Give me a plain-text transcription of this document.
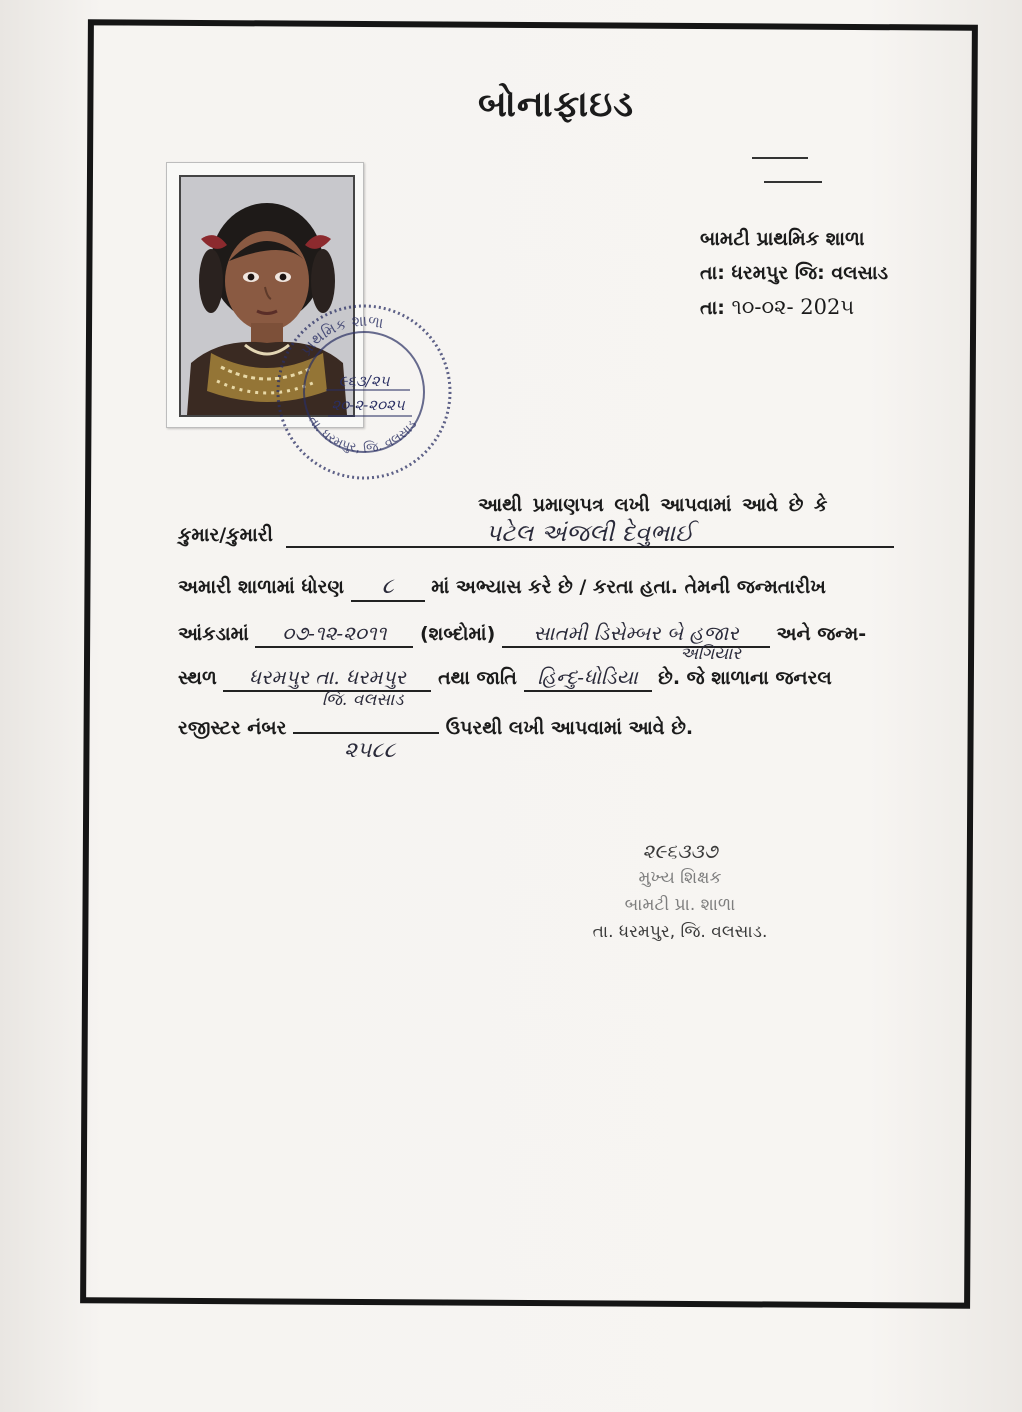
બોનાફાઇડ
બામટી પ્રાથમિક શાળા
તા: ધરમપુર જિ: વલસાડ
તા: ૧૦-૦૨- 202૫
પ્રાથમિક શાળા
તા. ધરમપુર, જિ. વલસાડ
૯૬૩/૨૫
૨૦-૨-૨૦૨૫
આથી પ્રમાણપત્ર લખી આપવામાં આવે છે કે
કુમાર/કુમારી	પટેલ અંજલી દેવુભાઈ
અમારી શાળામાં ધોરણ ૮ માં અભ્યાસ કરે છે / કરતા હતા. તેમની જન્મતારીખ
આંકડામાં ૦૭-૧૨-૨૦૧૧ (શબ્દોમાં) સાતમી ડિસેમ્બર બે હજાર અને જન્મ-
અગિયાર
સ્થળ ધરમપુર તા. ધરમપુર તથા જાતિ હિન્દુ-ધોડિયા છે. જે શાળાના જનરલ
જિ. વલસાડ
રજીસ્ટર નંબર	ઉપરથી લખી આપવામાં આવે છે.
૨૫૮૮
૨૯૬૩૩૭
મુખ્ય શિક્ષક
બામટી પ્રા. શાળા
તા. ધરમપુર, જિ. વલસાડ.
